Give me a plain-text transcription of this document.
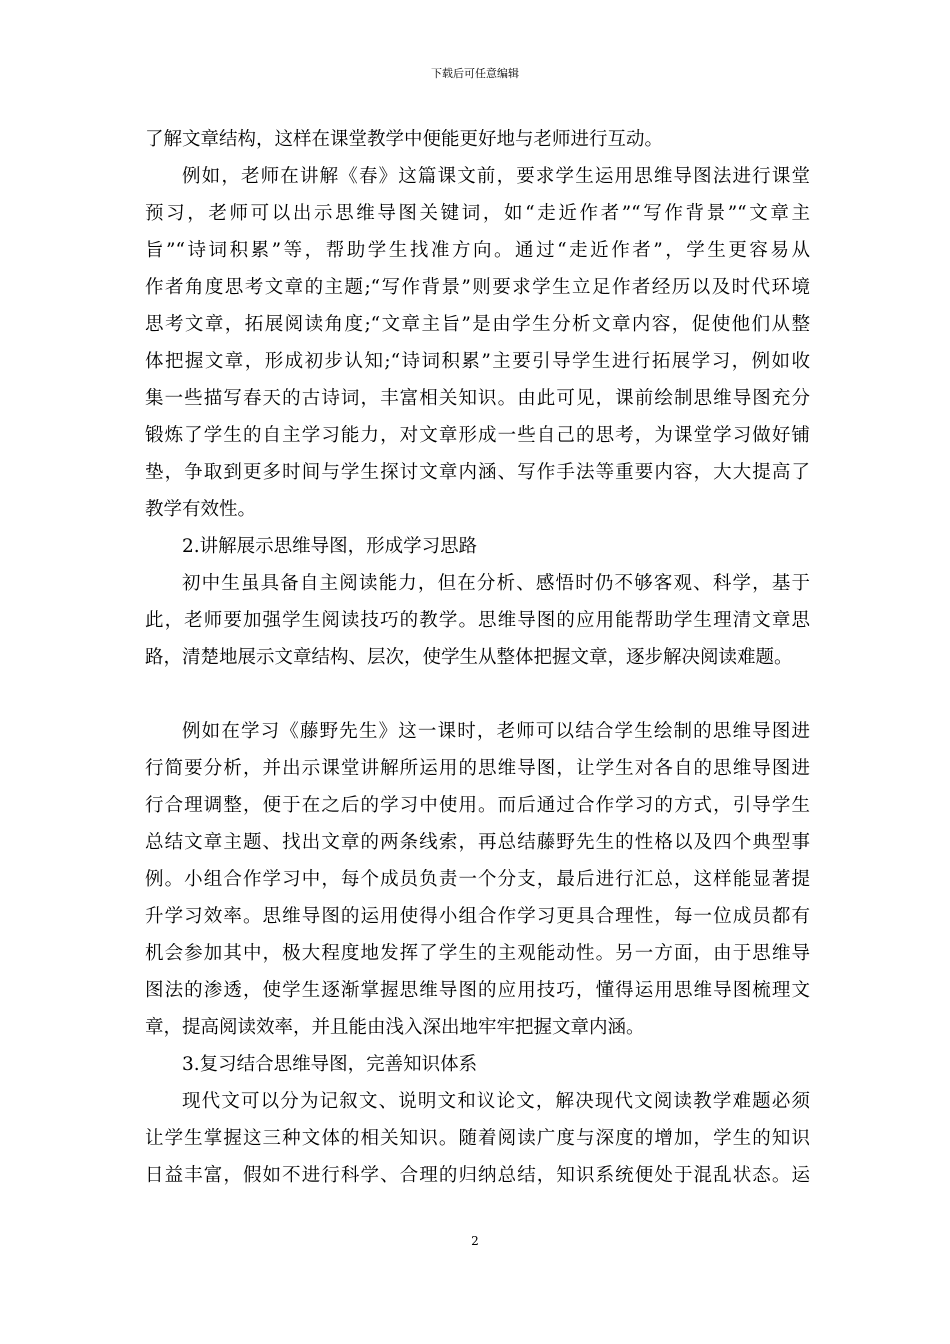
下载后可任意编辑
了解文章结构，这样在课堂教学中便能更好地与老师进行互动。
例如，老师在讲解《春》这篇课文前，要求学生运用思维导图法进行课堂
预习，老师可以出示思维导图关键词，如“走近作者”“写作背景”“文章主
旨”“诗词积累”等，帮助学生找准方向。通过“走近作者”，学生更容易从
作者角度思考文章的主题;“写作背景”则要求学生立足作者经历以及时代环境
思考文章，拓展阅读角度;“文章主旨”是由学生分析文章内容，促使他们从整
体把握文章，形成初步认知;“诗词积累”主要引导学生进行拓展学习，例如收
集一些描写春天的古诗词，丰富相关知识。由此可见，课前绘制思维导图充分
锻炼了学生的自主学习能力，对文章形成一些自己的思考，为课堂学习做好铺
垫，争取到更多时间与学生探讨文章内涵、写作手法等重要内容，大大提高了
教学有效性。
2.讲解展示思维导图，形成学习思路
初中生虽具备自主阅读能力，但在分析、感悟时仍不够客观、科学，基于
此，老师要加强学生阅读技巧的教学。思维导图的应用能帮助学生理清文章思
路，清楚地展示文章结构、层次，使学生从整体把握文章，逐步解决阅读难题。
例如在学习《藤野先生》这一课时，老师可以结合学生绘制的思维导图进
行简要分析，并出示课堂讲解所运用的思维导图，让学生对各自的思维导图进
行合理调整，便于在之后的学习中使用。而后通过合作学习的方式，引导学生
总结文章主题、找出文章的两条线索，再总结藤野先生的性格以及四个典型事
例。小组合作学习中，每个成员负责一个分支，最后进行汇总，这样能显著提
升学习效率。思维导图的运用使得小组合作学习更具合理性，每一位成员都有
机会参加其中，极大程度地发挥了学生的主观能动性。另一方面，由于思维导
图法的渗透，使学生逐渐掌握思维导图的应用技巧，懂得运用思维导图梳理文
章，提高阅读效率，并且能由浅入深出地牢牢把握文章内涵。
3.复习结合思维导图，完善知识体系
现代文可以分为记叙文、说明文和议论文，解决现代文阅读教学难题必须
让学生掌握这三种文体的相关知识。随着阅读广度与深度的增加，学生的知识
日益丰富，假如不进行科学、合理的归纳总结，知识系统便处于混乱状态。运
2
